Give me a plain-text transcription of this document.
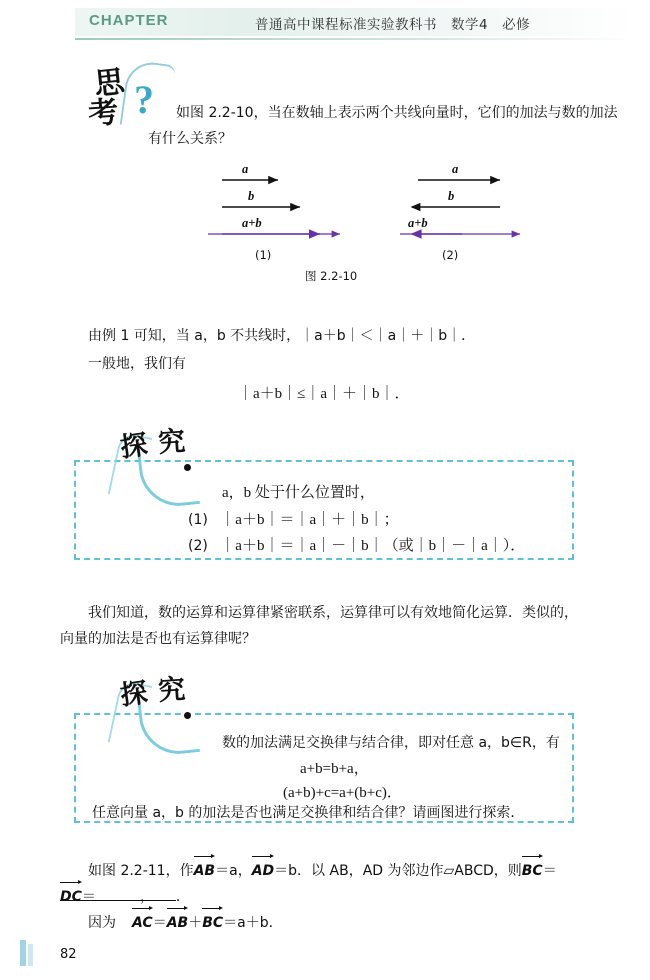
CHAPTER	普通高中课程标准实验教科书 数学4 必修
思
考 ?	如图 2.2-10，当在数轴上表示两个共线向量时，它们的加法与数的加法有什么关系？
a
b
a+b
(1)
a
b
a+b
(2)
图 2.2-10
由例 1 可知，当 a，b 不共线时，｜a＋b｜＜｜a｜＋｜b｜．
一般地，我们有
｜a＋b｜≤｜a｜＋｜b｜．
探 究
a，b 处于什么位置时，
(1) ｜a＋b｜＝｜a｜＋｜b｜；
(2) ｜a＋b｜＝｜a｜－｜b｜（或｜b｜－｜a｜）．
我们知道，数的运算和运算律紧密联系，运算律可以有效地简化运算．类似的，向量的加法是否也有运算律呢？
探 究
数的加法满足交换律与结合律，即对任意 a，b∈R，有
a+b=b+a，
(a+b)+c=a+(b+c)．
任意向量 a，b 的加法是否也满足交换律和结合律？请画图进行探索．
如图 2.2-11，作AB＝a，AD＝b．以 AB，AD 为邻边作▱ABCD，则BC＝，
DC＝	．
因为 AC＝AB＋BC＝a＋b．
82
